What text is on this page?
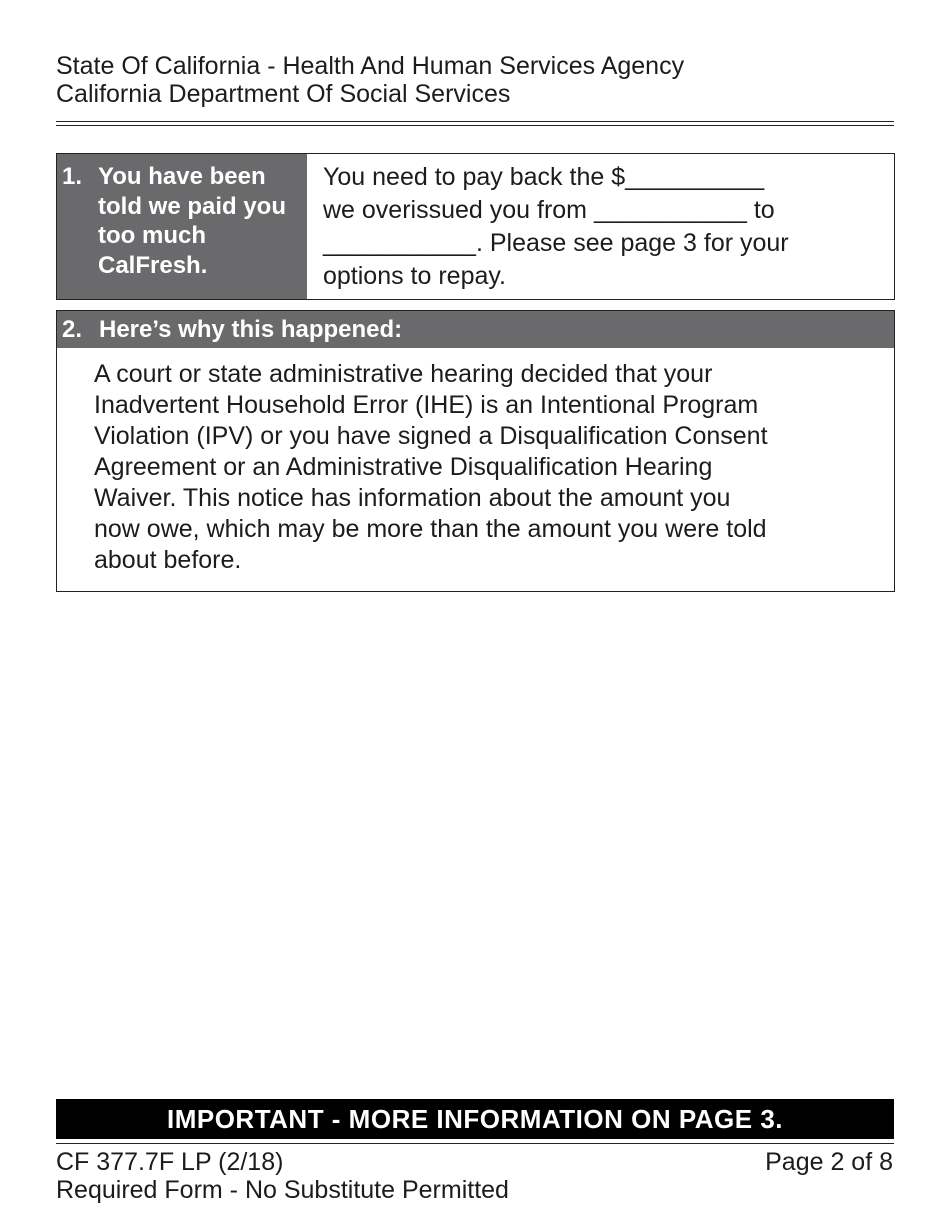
State Of California - Health And Human Services Agency
California Department Of Social Services
1. You have been told we paid you too much CalFresh.
You need to pay back the $__________
we overissued you from ___________ to
___________. Please see page 3 for your
options to repay.
2. Here’s why this happened:
A court or state administrative hearing decided that your
Inadvertent Household Error (IHE) is an Intentional Program
Violation (IPV) or you have signed a Disqualification Consent
Agreement or an Administrative Disqualification Hearing
Waiver. This notice has information about the amount you
now owe, which may be more than the amount you were told
about before.
IMPORTANT - MORE INFORMATION ON PAGE 3.
CF 377.7F LP (2/18)
Required Form - No Substitute Permitted
Page 2 of 8
